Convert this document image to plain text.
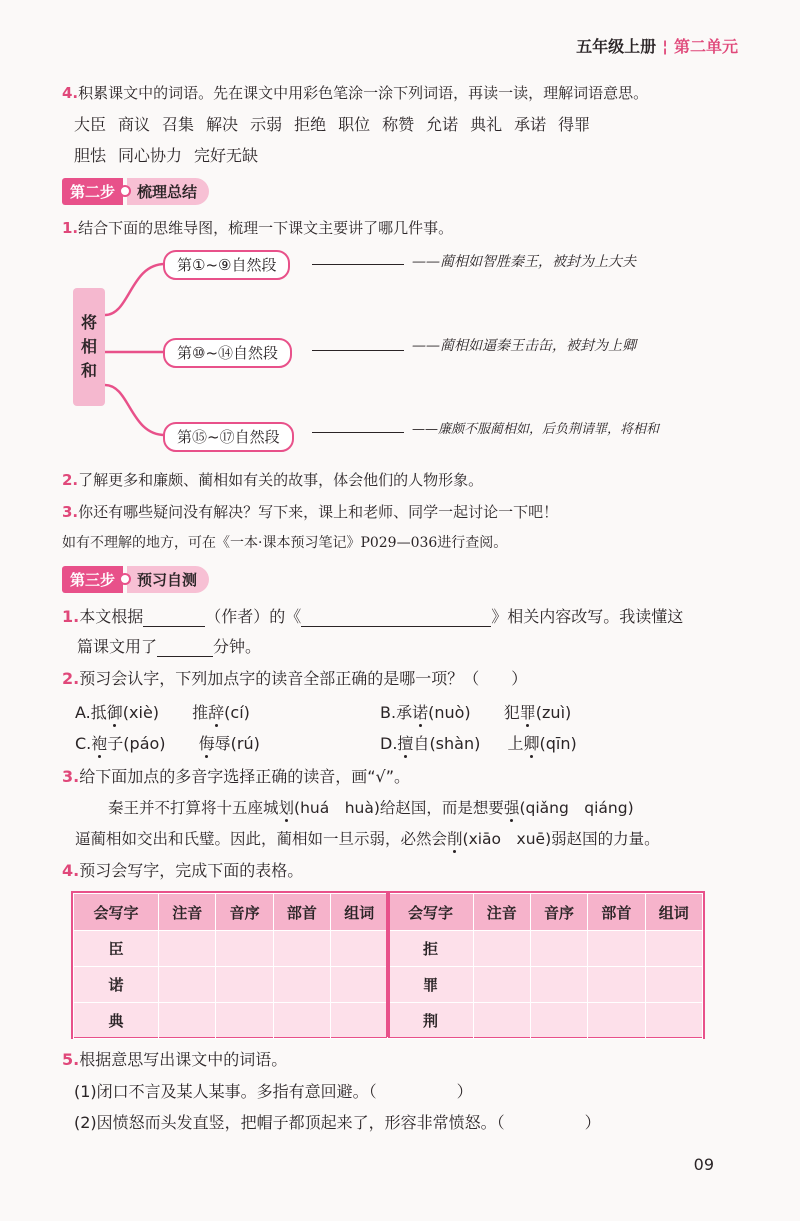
五年级上册 ¦ 第二单元
4.积累课文中的词语。先在课文中用彩色笔涂一涂下列词语，再读一读，理解词语意思。
大臣 商议 召集 解决 示弱 拒绝 职位 称赞 允诺 典礼 承诺 得罪
胆怯 同心协力 完好无缺
第二步	梳理总结
1.结合下面的思维导图，梳理一下课文主要讲了哪几件事。
将
相
和
第①~⑨自然段	——蔺相如智胜秦王，被封为上大夫
第⑩~⑭自然段	——蔺相如逼秦王击缶，被封为上卿
第⑮~⑰自然段	——廉颇不服蔺相如，后负荆请罪，将相和
2.了解更多和廉颇、蔺相如有关的故事，体会他们的人物形象。
3.你还有哪些疑问没有解决？写下来，课上和老师、同学一起讨论一下吧！
如有不理解的地方，可在《一本·课本预习笔记》P029—036进行查阅。
第三步	预习自测
1.本文根据	（作者）的《	》相关内容改写。我读懂这
篇课文用了	分钟。
2.预习会认字，下列加点字的读音全部正确的是哪一项？（　　）
A.抵御(xiè) 推辞(cí)	B.承诺(nuò) 犯罪(zuì)
C.袍子(páo) 侮辱(rú)	D.擅自(shàn) 上卿(qīn)
3.给下面加点的多音字选择正确的读音，画“√”。
秦王并不打算将十五座城划(huá　huà)给赵国，而是想要强(qiǎng　qiáng)
逼蔺相如交出和氏璧。因此，蔺相如一旦示弱，必然会削(xiāo　xuē)弱赵国的力量。
4.预习会写字，完成下面的表格。
会写字	注音	音序	部首	组词	会写字	注音	音序	部首	组词
臣					拒				
诺					罪				
典					荆				
5.根据意思写出课文中的词语。
(1)闭口不言及某人某事。多指有意回避。（　　　　　）
(2)因愤怒而头发直竖，把帽子都顶起来了，形容非常愤怒。（　　　　　）
09
